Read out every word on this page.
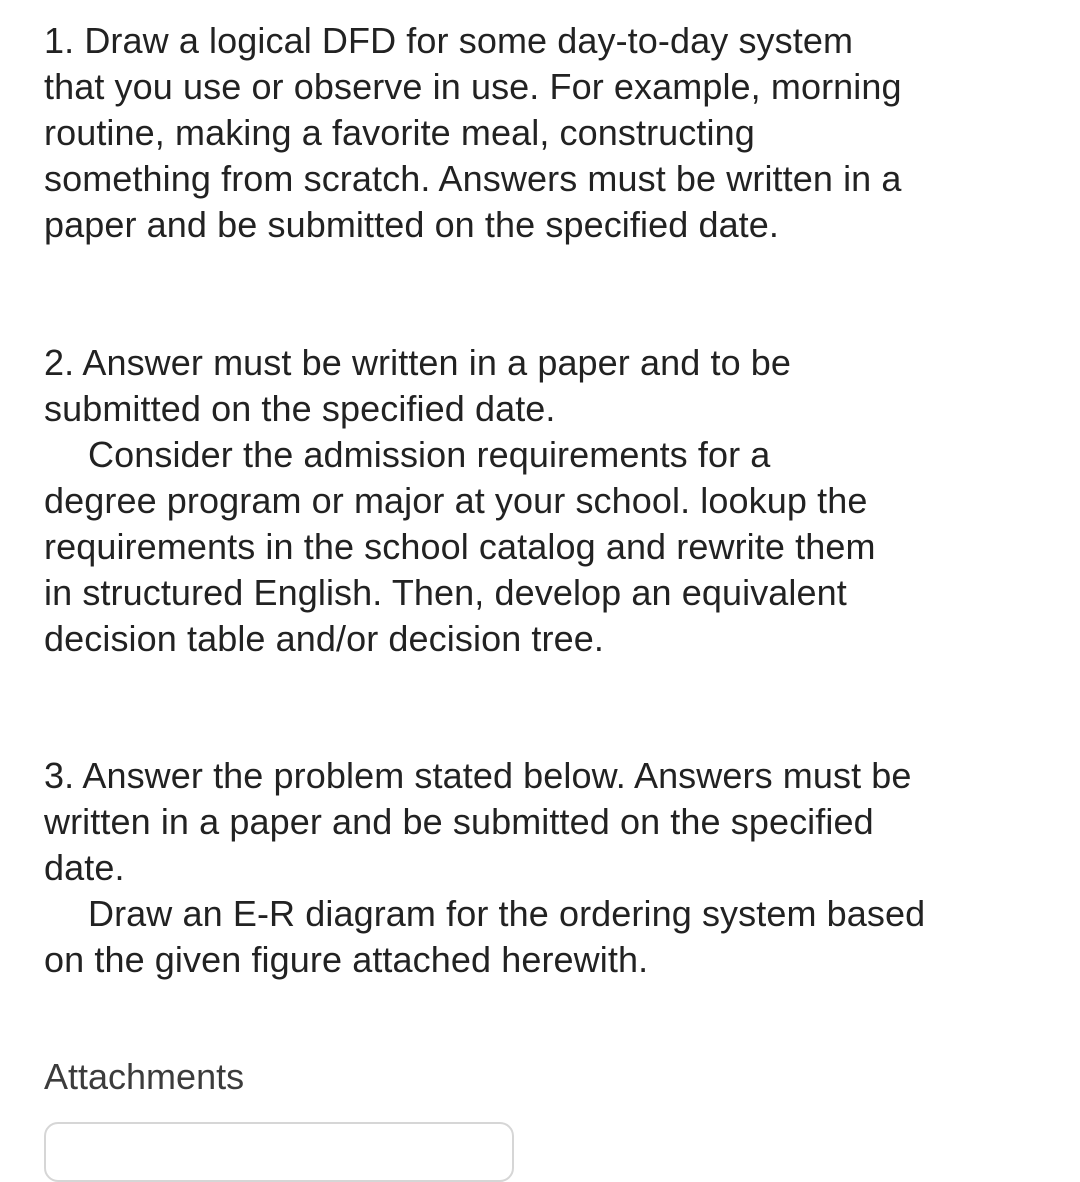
1. Draw a logical DFD for some day-to-day system
that you use or observe in use. For example, morning
routine, making a favorite meal, constructing
something from scratch. Answers must be written in a
paper and be submitted on the specified date.

2. Answer must be written in a paper and to be
submitted on the specified date.
Consider the admission requirements for a
degree program or major at your school. lookup the
requirements in the school catalog and rewrite them
in structured English. Then, develop an equivalent
decision table and/or decision tree.

3. Answer the problem stated below. Answers must be
written in a paper and be submitted on the specified
date.
Draw an E-R diagram for the ordering system based
on the given figure attached herewith.

Attachments
